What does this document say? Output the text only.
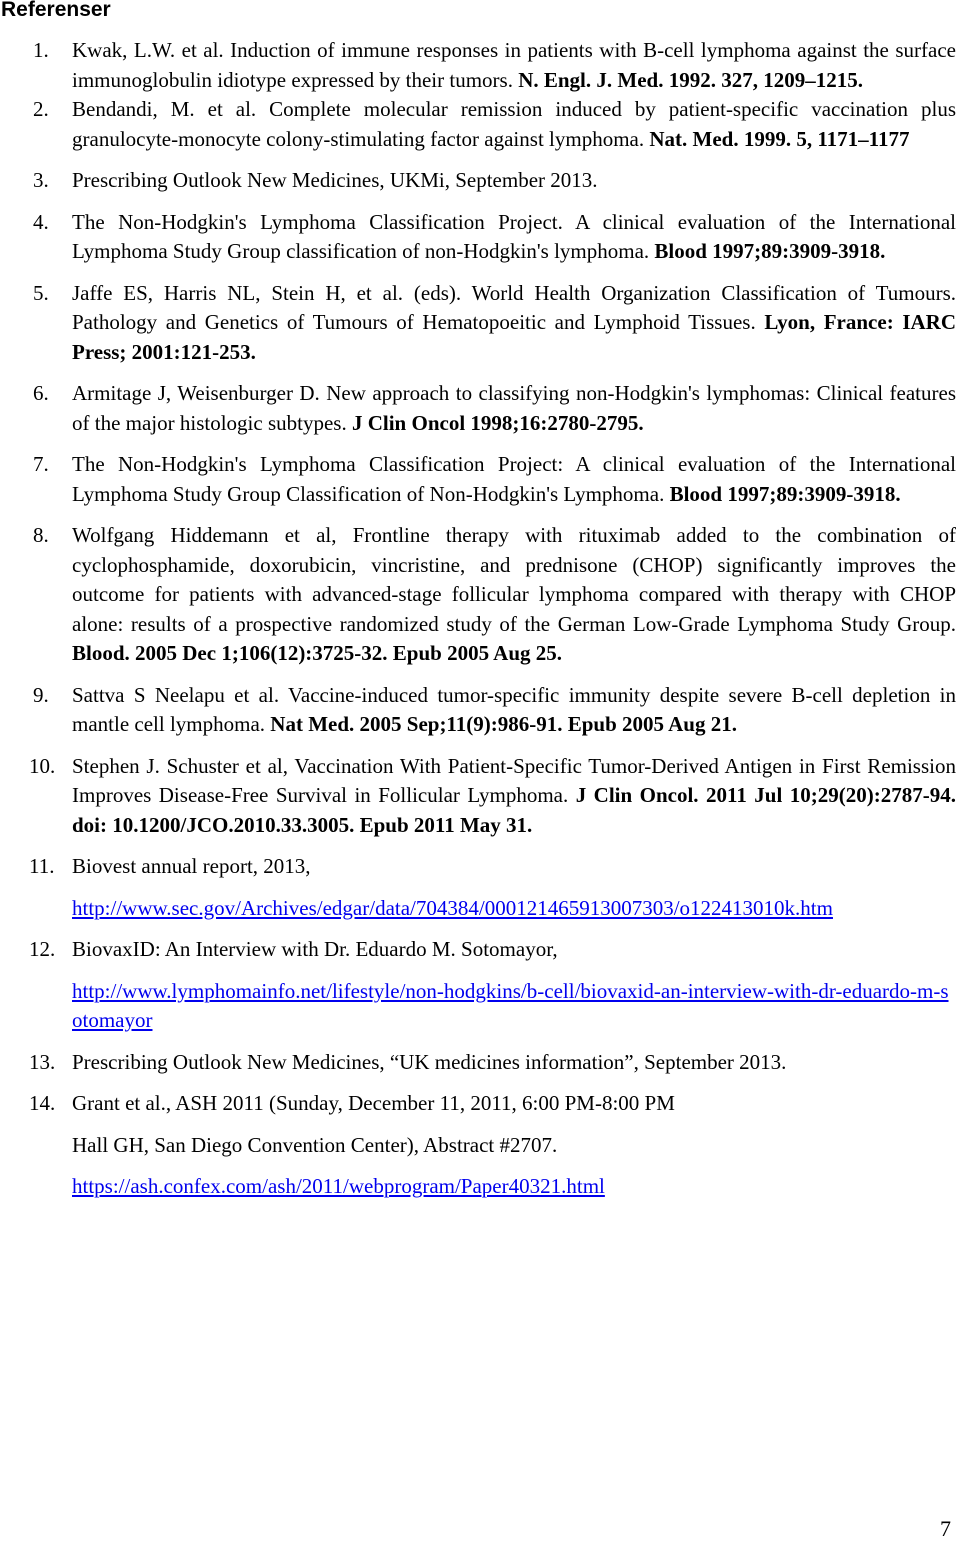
Referenser
1. Kwak, L.W. et al. Induction of immune responses in patients with B-cell lymphoma against the surface immunoglobulin idiotype expressed by their tumors. N. Engl. J. Med. 1992. 327, 1209–1215.
2. Bendandi, M. et al. Complete molecular remission induced by patient-specific vaccination plus granulocyte-monocyte colony-stimulating factor against lymphoma. Nat. Med. 1999. 5, 1171–1177
3. Prescribing Outlook New Medicines, UKMi, September 2013.
4. The Non-Hodgkin's Lymphoma Classification Project. A clinical evaluation of the International Lymphoma Study Group classification of non-Hodgkin's lymphoma. Blood 1997;89:3909-3918.
5. Jaffe ES, Harris NL, Stein H, et al. (eds). World Health Organization Classification of Tumours. Pathology and Genetics of Tumours of Hematopoeitic and Lymphoid Tissues. Lyon, France: IARC Press; 2001:121-253.
6. Armitage J, Weisenburger D. New approach to classifying non-Hodgkin's lymphomas: Clinical features of the major histologic subtypes. J Clin Oncol 1998;16:2780-2795.
7. The Non-Hodgkin's Lymphoma Classification Project: A clinical evaluation of the International Lymphoma Study Group Classification of Non-Hodgkin's Lymphoma. Blood 1997;89:3909-3918.
8. Wolfgang Hiddemann et al, Frontline therapy with rituximab added to the combination of cyclophosphamide, doxorubicin, vincristine, and prednisone (CHOP) significantly improves the outcome for patients with advanced-stage follicular lymphoma compared with therapy with CHOP alone: results of a prospective randomized study of the German Low-Grade Lymphoma Study Group. Blood. 2005 Dec 1;106(12):3725-32. Epub 2005 Aug 25.
9. Sattva S Neelapu et al. Vaccine-induced tumor-specific immunity despite severe B-cell depletion in mantle cell lymphoma. Nat Med. 2005 Sep;11(9):986-91. Epub 2005 Aug 21.
10. Stephen J. Schuster et al, Vaccination With Patient-Specific Tumor-Derived Antigen in First Remission Improves Disease-Free Survival in Follicular Lymphoma. J Clin Oncol. 2011 Jul 10;29(20):2787-94. doi: 10.1200/JCO.2010.33.3005. Epub 2011 May 31.
11. Biovest annual report, 2013,
http://www.sec.gov/Archives/edgar/data/704384/000121465913007303/o122413010k.htm
12. BiovaxID: An Interview with Dr. Eduardo M. Sotomayor,
http://www.lymphomainfo.net/lifestyle/non-hodgkins/b-cell/biovaxid-an-interview-with-dr-eduardo-m-sotomayor
13. Prescribing Outlook New Medicines, “UK medicines information”, September 2013.
14. Grant et al., ASH 2011 (Sunday, December 11, 2011, 6:00 PM-8:00 PM
Hall GH, San Diego Convention Center), Abstract #2707.
https://ash.confex.com/ash/2011/webprogram/Paper40321.html
7
